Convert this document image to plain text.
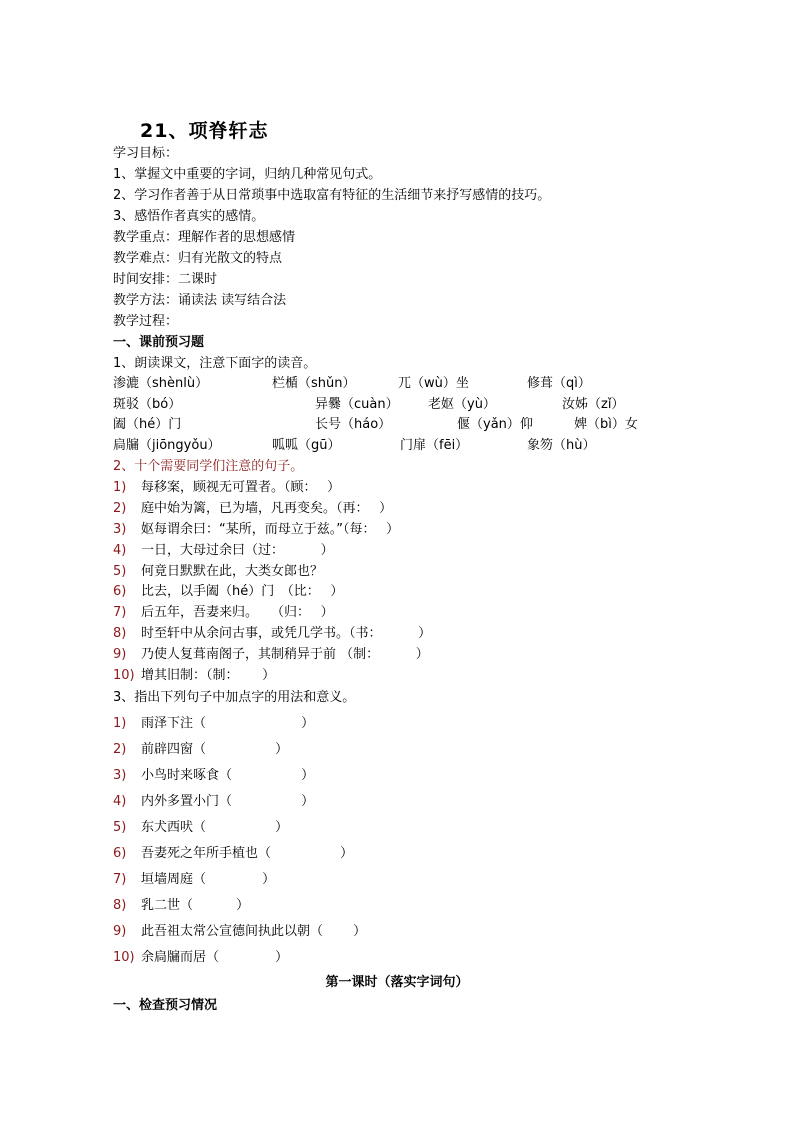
21、项脊轩志
学习目标：
1、掌握文中重要的字词，归纳几种常见句式。
2、学习作者善于从日常琐事中选取富有特征的生活细节来抒写感情的技巧。
3、感悟作者真实的感情。
教学重点：理解作者的思想感情
教学难点：归有光散文的特点
时间安排：二课时
教学方法：诵读法 读写结合法
教学过程：
一、课前预习题
1、朗读课文，注意下面字的读音。
渗漉（shènlù）	栏楯（shǔn）	兀（wù）坐	修葺（qì）
斑驳（bó）	异爨（cuàn） 老妪（yù）	汝姊（zǐ）
阖（hé）门	长号（háo）	偃（yǎn）仰	婢（bì）女
扃牖（jiōngyǒu）	呱呱（gū）	门扉（fēi）	象笏（hù）
2、十个需要同学们注意的句子。
1) 每移案，顾视无可置者。（顾：　 ）
2) 庭中始为篱，已为墙，凡再变矣。（再：　 ）
3) 妪每谓余曰：“某所，而母立于兹。”（每：　 ）
4) 一日，大母过余曰（过：　　　 ）
5) 何竟日默默在此，大类女郎也？
6) 比去，以手阖（hé）门　（比：　 ）
7) 后五年，吾妻来归。　　（归：　 ）
8) 时至轩中从余问古事，或凭几学书。（书：　　　 ）
9) 乃使人复葺南阁子，其制稍异于前 （制：　　　 ）
10) 增其旧制：（制：　　 ）
3、指出下列句子中加点字的用法和意义。
1) 雨泽下注（　　　　　　　 ）
2) 前辟四窗（　　　　　 ）
3) 小鸟时来啄食（　　　　　 ）
4) 内外多置小门（　　　　　 ）
5) 东犬西吠（　　　　　 ）
6) 吾妻死之年所手植也（　　　　　 ）
7) 垣墙周庭（　　　　 ）
8) 乳二世（　　　 ）
9) 此吾祖太常公宣德间执此以朝（　　 ）
10) 余扃牖而居（　　　　 ）
第一课时（落实字词句）
一、检查预习情况
